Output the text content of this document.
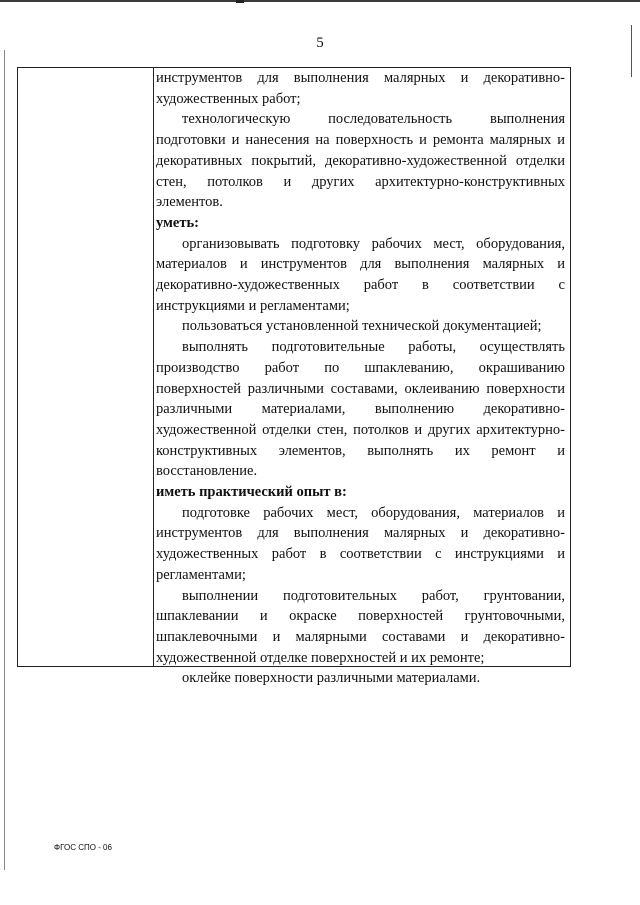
5

инструментов для выполнения малярных и декоративно-художественных работ;

технологическую последовательность выполнения подготовки и нанесения на поверхность и ремонта малярных и декоративных покрытий, декоративно-художественной отделки стен, потолков и других архитектурно-конструктивных элементов.

уметь:

организовывать подготовку рабочих мест, оборудования, материалов и инструментов для выполнения малярных и декоративно-художественных работ в соответствии с инструкциями и регламентами;

пользоваться установленной технической документацией;

выполнять подготовительные работы, осуществлять производство работ по шпаклеванию, окрашиванию поверхностей различными составами, оклеиванию поверхности различными материалами, выполнению декоративно-художественной отделки стен, потолков и других архитектурно-конструктивных элементов, выполнять их ремонт и восстановление.

иметь практический опыт в:

подготовке рабочих мест, оборудования, материалов и инструментов для выполнения малярных и декоративно-художественных работ в соответствии с инструкциями и регламентами;

выполнении подготовительных работ, грунтовании, шпаклевании и окраске поверхностей грунтовочными, шпаклевочными и малярными составами и декоративно-художественной отделке поверхностей и их ремонте;

оклейке поверхности различными материалами.

ФГОС СПО - 06
